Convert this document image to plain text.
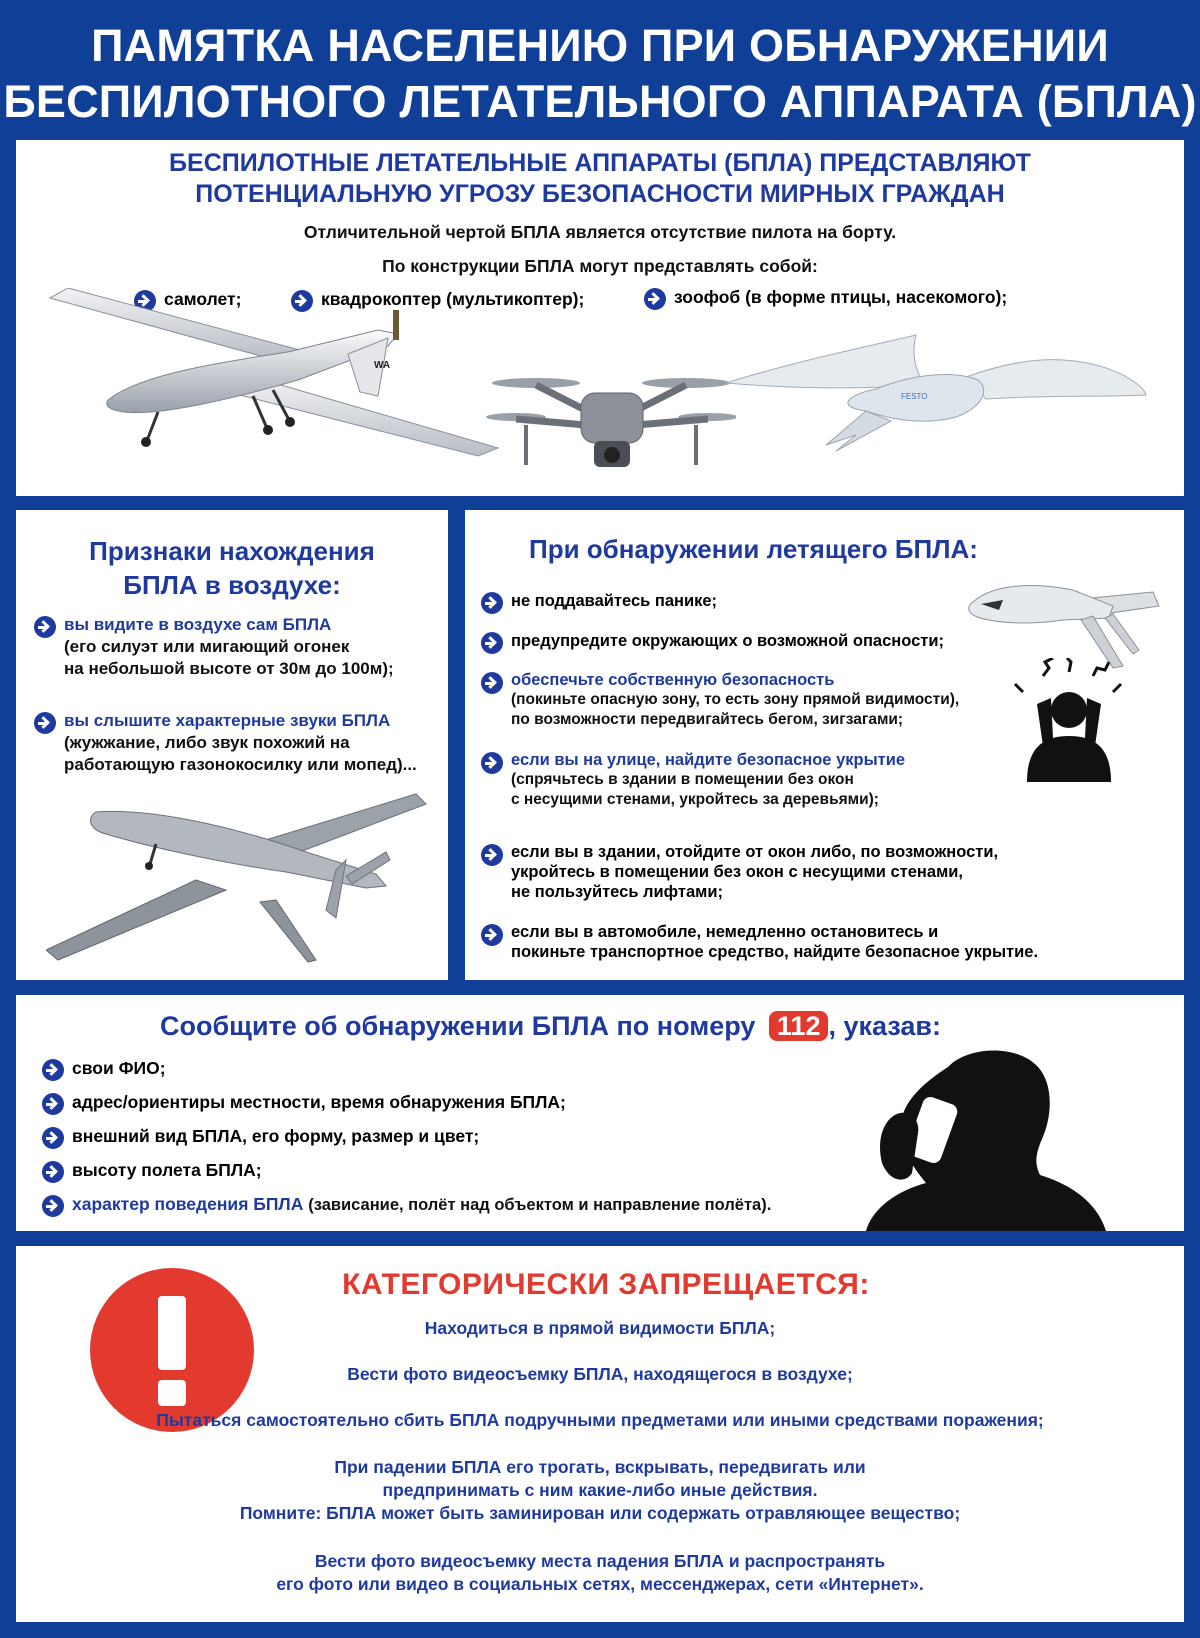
ПАМЯТКА НАСЕЛЕНИЮ ПРИ ОБНАРУЖЕНИИ
БЕСПИЛОТНОГО ЛЕТАТЕЛЬНОГО АППАРАТА (БПЛА)
БЕСПИЛОТНЫЕ ЛЕТАТЕЛЬНЫЕ АППАРАТЫ (БПЛА) ПРЕДСТАВЛЯЮТ
ПОТЕНЦИАЛЬНУЮ УГРОЗУ БЕЗОПАСНОСТИ МИРНЫХ ГРАЖДАН
Отличительной чертой БПЛА является отсутствие пилота на борту.
По конструкции БПЛА могут представлять собой:
самолет;	квадрокоптер (мультикоптер);	зоофоб (в форме птицы, насекомого);
WA
FESTO
Признаки нахождения
БПЛА в воздухе:
вы видите в воздухе сам БПЛА
(его силуэт или мигающий огонек
на небольшой высоте от 30м до 100м);
вы слышите характерные звуки БПЛА
(жужжание, либо звук похожий на
работающую газонокосилку или мопед)...
При обнаружении летящего БПЛА:
не поддавайтесь панике;
предупредите окружающих о возможной опасности;
обеспечьте собственную безопасность
(покиньте опасную зону, то есть зону прямой видимости),
по возможности передвигайтесь бегом, зигзагами;
если вы на улице, найдите безопасное укрытие
(спрячьтесь в здании в помещении без окон
с несущими стенами, укройтесь за деревьями);
если вы в здании, отойдите от окон либо, по возможности,
укройтесь в помещении без окон с несущими стенами,
не пользуйтесь лифтами;
если вы в автомобиле, немедленно остановитесь и
покиньте транспортное средство, найдите безопасное укрытие.
Сообщите об обнаружении БПЛА по номеру 112 , указав:
свои ФИО;
адрес/ориентиры местности, время обнаружения БПЛА;
внешний вид БПЛА, его форму, размер и цвет;
высоту полета БПЛА;
характер поведения БПЛА (зависание, полёт над объектом и направление полёта).
КАТЕГОРИЧЕСКИ ЗАПРЕЩАЕТСЯ:
Находиться в прямой видимости БПЛА;
Вести фото видеосъемку БПЛА, находящегося в воздухе;
Пытаться самостоятельно сбить БПЛА подручными предметами или иными средствами поражения;
При падении БПЛА его трогать, вскрывать, передвигать или
предпринимать с ним какие-либо иные действия.
Помните: БПЛА может быть заминирован или содержать отравляющее вещество;
Вести фото видеосъемку места падения БПЛА и распространять
его фото или видео в социальных сетях, мессенджерах, сети «Интернет».
